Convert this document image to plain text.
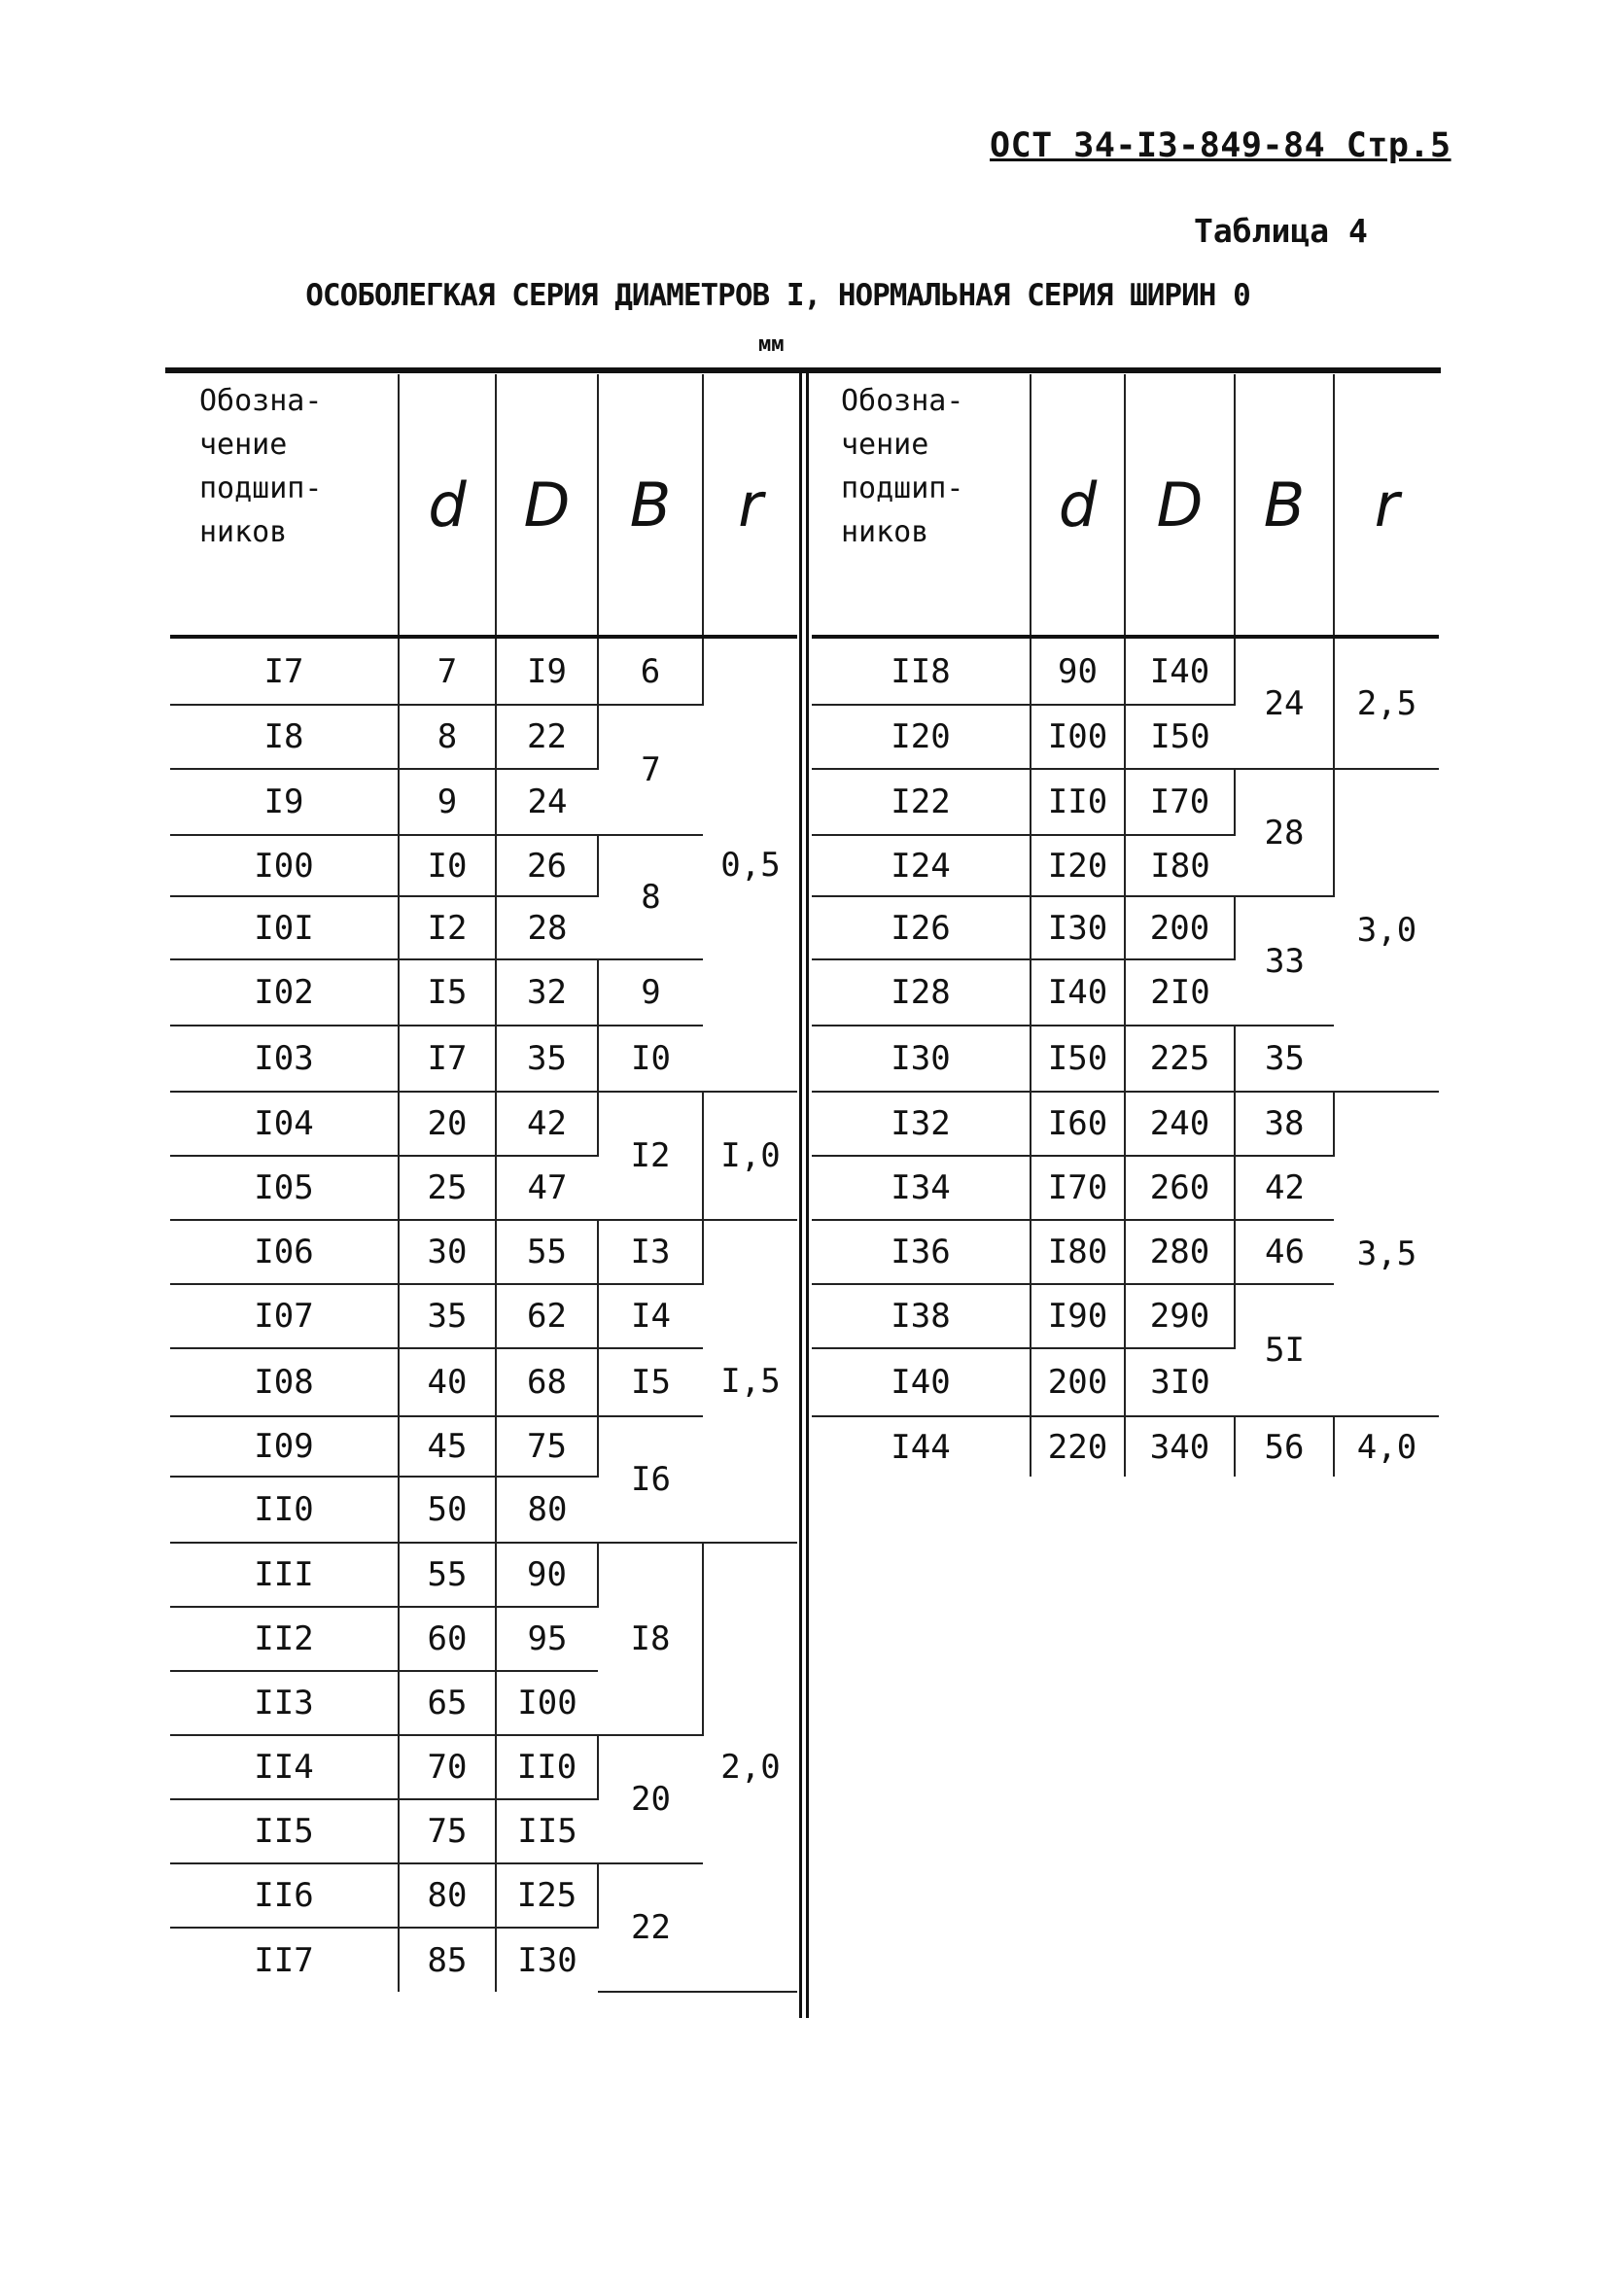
ОСТ 34-I3-849-84 Стр.5
Таблица 4
ОСОБОЛЕГКАЯ СЕРИЯ ДИАМЕТРОВ I, НОРМАЛЬНАЯ СЕРИЯ ШИРИН 0
мм
Обозна-
чение
подшип-
ников	d	D	B	r
I7	7	I9	6	0,5
I8	8	22	7	
I9	9	24		
I00	I0	26	8	
I0I	I2	28		
I02	I5	32	9	
I03	I7	35	I0	
I04	20	42	I2	I,0
I05	25	47		
I06	30	55	I3	I,5
I07	35	62	I4	
I08	40	68	I5	
I09	45	75	I6	
II0	50	80		
III	55	90	I8	2,0
II2	60	95		
II3	65	I00		
II4	70	II0	20	
II5	75	II5		
II6	80	I25	22	
II7	85	I30		
Обозна-
чение
подшип-
ников	d	D	B	r
II8	90	I40	24	2,5
I20	I00	I50		
I22	II0	I70	28	3,0
I24	I20	I80		
I26	I30	200	33	
I28	I40	2I0		
I30	I50	225	35	
I32	I60	240	38	3,5
I34	I70	260	42	
I36	I80	280	46	
I38	I90	290	5I	
I40	200	3I0		
I44	220	340	56	4,0
